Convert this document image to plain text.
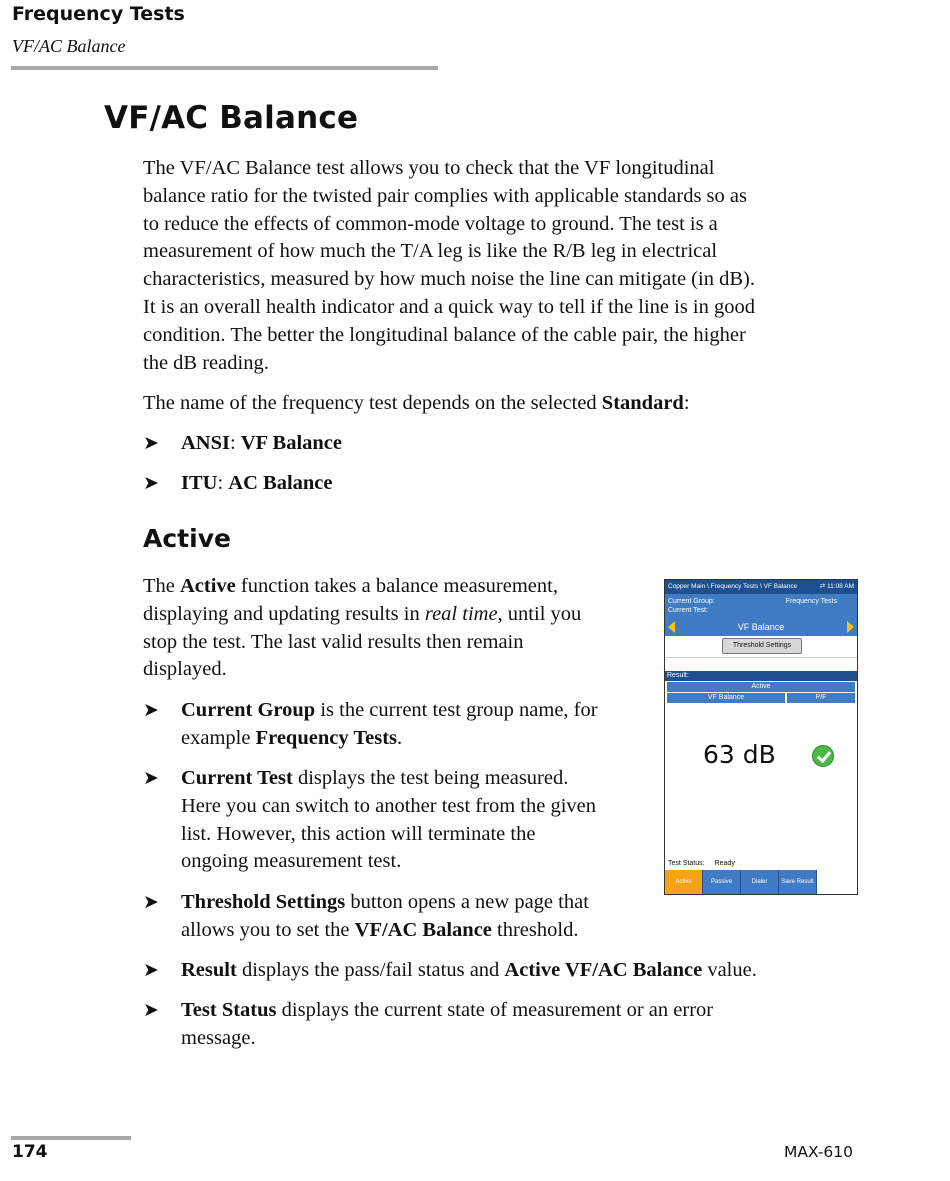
Frequency Tests
VF/AC Balance
VF/AC Balance
The VF/AC Balance test allows you to check that the VF longitudinal
balance ratio for the twisted pair complies with applicable standards so as
to reduce the effects of common-mode voltage to ground. The test is a
measurement of how much the T/A leg is like the R/B leg in electrical
characteristics, measured by how much noise the line can mitigate (in dB).
It is an overall health indicator and a quick way to tell if the line is in good
condition. The better the longitudinal balance of the cable pair, the higher
the dB reading.
The name of the frequency test depends on the selected Standard:
➤	ANSI: VF Balance
➤	ITU: AC Balance
Active
The Active function takes a balance measurement,
displaying and updating results in real time, until you
stop the test. The last valid results then remain
displayed.
➤	Current Group is the current test group name, for
example Frequency Tests.
➤	Current Test displays the test being measured.
Here you can switch to another test from the given
list. However, this action will terminate the
ongoing measurement test.
➤	Threshold Settings button opens a new page that
allows you to set the VF/AC Balance threshold.
➤	Result displays the pass/fail status and Active VF/AC Balance value.
➤	Test Status displays the current state of measurement or an error
message.
Copper Main \ Frequency Tests \ VF Balance	⇄ 11:08 AM
Current Group:	Frequency Tests
Current Test:
VF Balance
Threshold Settings
Result:
Active
VF Balance	P/F
63 dB
Test Status: Ready
Active	Passive	Dialer	Save Result
174	MAX-610
